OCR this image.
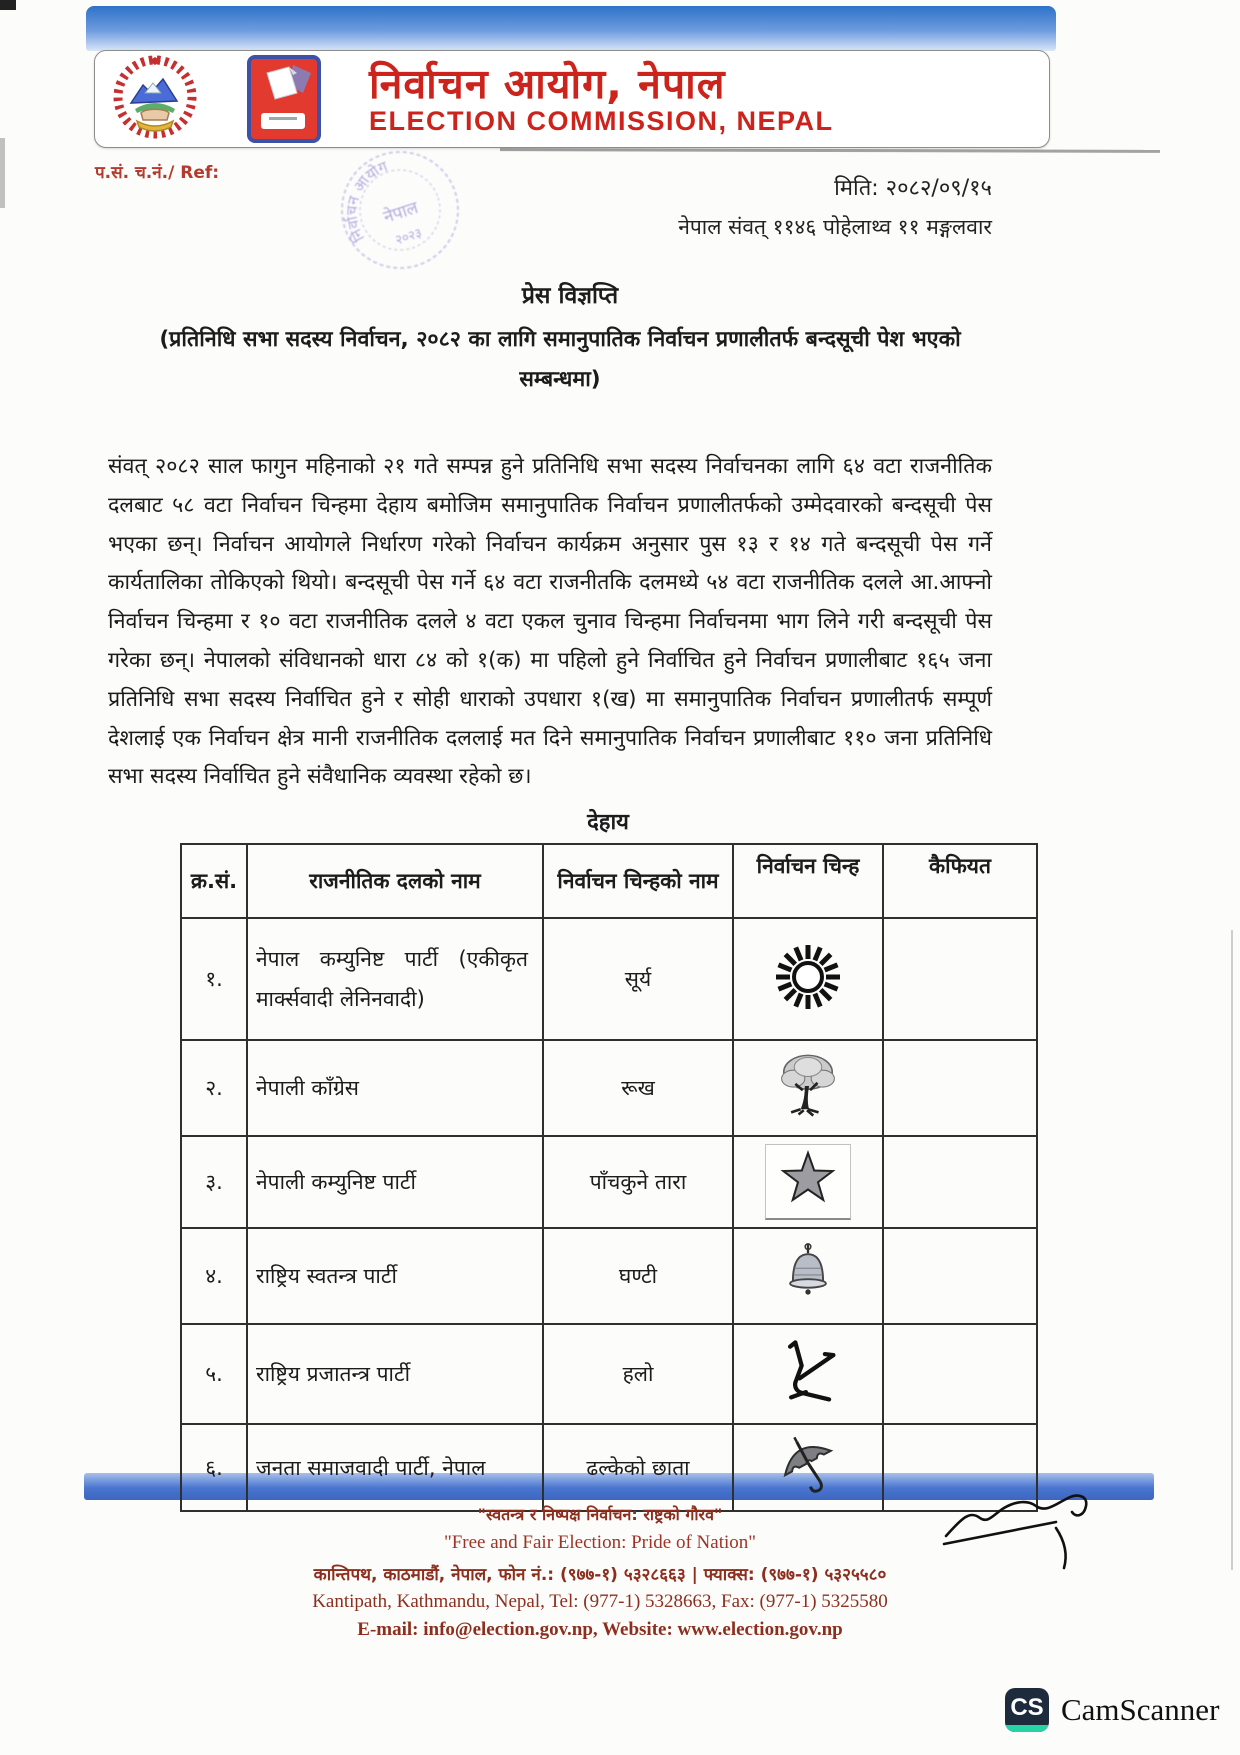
निर्वाचन आयोग, नेपाल
ELECTION COMMISSION, NEPAL
प.सं. च.नं./ Ref:
निर्वाचन आयोग
नेपाल
२०२३
मिति: २०८२/०९/१५
नेपाल संवत् ११४६ पोहेलाथ्व ११ मङ्गलवार
प्रेस विज्ञप्ति
(प्रतिनिधि सभा सदस्य निर्वाचन, २०८२ का लागि समानुपातिक निर्वाचन प्रणालीतर्फ बन्दसूची पेश भएको
सम्बन्धमा)
संवत् २०८२ साल फागुन महिनाको २१ गते सम्पन्न हुने प्रतिनिधि सभा सदस्य निर्वाचनका लागि ६४ वटा राजनीतिक दलबाट ५८ वटा निर्वाचन चिन्हमा देहाय बमोजिम समानुपातिक निर्वाचन प्रणालीतर्फको उम्मेदवारको बन्दसूची पेस भएका छन्। निर्वाचन आयोगले निर्धारण गरेको निर्वाचन कार्यक्रम अनुसार पुस १३ र १४ गते बन्दसूची पेस गर्ने कार्यतालिका तोकिएको थियो। बन्दसूची पेस गर्ने ६४ वटा राजनीतकि दलमध्ये ५४ वटा राजनीतिक दलले आ.आफ्नो निर्वाचन चिन्हमा र १० वटा राजनीतिक दलले ४ वटा एकल चुनाव चिन्हमा निर्वाचनमा भाग लिने गरी बन्दसूची पेस गरेका छन्। नेपालको संविधानको धारा ८४ को १(क) मा पहिलो हुने निर्वाचित हुने निर्वाचन प्रणालीबाट १६५ जना प्रतिनिधि सभा सदस्य निर्वाचित हुने र सोही धाराको उपधारा १(ख) मा समानुपातिक निर्वाचन प्रणालीतर्फ सम्पूर्ण देशलाई एक निर्वाचन क्षेत्र मानी राजनीतिक दललाई मत दिने समानुपातिक निर्वाचन प्रणालीबाट ११० जना प्रतिनिधि सभा सदस्य निर्वाचित हुने संवैधानिक व्यवस्था रहेको छ।
देहाय
क्र.सं.	राजनीतिक दलको नाम	निर्वाचन चिन्हको नाम	निर्वाचन चिन्ह	कैफियत
१.	नेपाल कम्युनिष्ट पार्टी (एकीकृत मार्क्सवादी लेनिनवादी)	सूर्य		
२.	नेपाली काँग्रेस	रूख		
३.	नेपाली कम्युनिष्ट पार्टी	पाँचकुने तारा		
४.	राष्ट्रिय स्वतन्त्र पार्टी	घण्टी		
५.	राष्ट्रिय प्रजातन्त्र पार्टी	हलो		
६.	जनता समाजवादी पार्टी, नेपाल	ढल्केको छाता		
"स्वतन्त्र र निष्पक्ष निर्वाचन: राष्ट्रको गौरव"
"Free and Fair Election: Pride of Nation"
कान्तिपथ, काठमाडौं, नेपाल, फोन नं.: (९७७-१) ५३२८६६३ | फ्याक्स: (९७७-१) ५३२५५८०
Kantipath, Kathmandu, Nepal, Tel: (977-1) 5328663, Fax: (977-1) 5325580
E-mail: info@election.gov.np, Website: www.election.gov.np
CS CamScanner
